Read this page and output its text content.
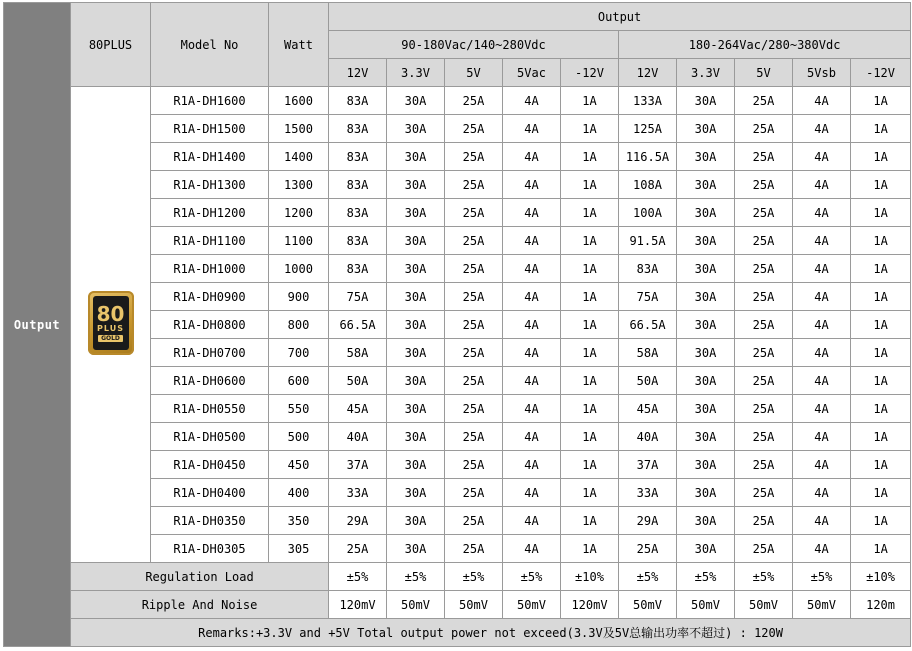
Output	80PLUS	Model No	Watt	Output									
				90-180Vac/140~280Vdc					180-264Vac/280~380Vdc				
				12V	3.3V	5V	5Vac	-12V	12V	3.3V	5V	5Vsb	-12V

	80
PLUS
GOLD	R1A-DH1600	1600	83A	30A	25A	4A	1A	133A	30A	25A	4A	1A
		R1A-DH1500	1500	83A	30A	25A	4A	1A	125A	30A	25A	4A	1A
		R1A-DH1400	1400	83A	30A	25A	4A	1A	116.5A	30A	25A	4A	1A
		R1A-DH1300	1300	83A	30A	25A	4A	1A	108A	30A	25A	4A	1A
		R1A-DH1200	1200	83A	30A	25A	4A	1A	100A	30A	25A	4A	1A
		R1A-DH1100	1100	83A	30A	25A	4A	1A	91.5A	30A	25A	4A	1A
		R1A-DH1000	1000	83A	30A	25A	4A	1A	83A	30A	25A	4A	1A
		R1A-DH0900	900	75A	30A	25A	4A	1A	75A	30A	25A	4A	1A
		R1A-DH0800	800	66.5A	30A	25A	4A	1A	66.5A	30A	25A	4A	1A
		R1A-DH0700	700	58A	30A	25A	4A	1A	58A	30A	25A	4A	1A
		R1A-DH0600	600	50A	30A	25A	4A	1A	50A	30A	25A	4A	1A
		R1A-DH0550	550	45A	30A	25A	4A	1A	45A	30A	25A	4A	1A
		R1A-DH0500	500	40A	30A	25A	4A	1A	40A	30A	25A	4A	1A
		R1A-DH0450	450	37A	30A	25A	4A	1A	37A	30A	25A	4A	1A
		R1A-DH0400	400	33A	30A	25A	4A	1A	33A	30A	25A	4A	1A
		R1A-DH0350	350	29A	30A	25A	4A	1A	29A	30A	25A	4A	1A
		R1A-DH0305	305	25A	30A	25A	4A	1A	25A	30A	25A	4A	1A
	Regulation Load			±5%	±5%	±5%	±5%	±10%	±5%	±5%	±5%	±5%	±10%
	Ripple And Noise			120mV	50mV	50mV	50mV	120mV	50mV	50mV	50mV	50mV	120m
	Remarks:+3.3V and +5V Total output power not exceed(3.3V及5V总输出功率不超过) : 120W												
